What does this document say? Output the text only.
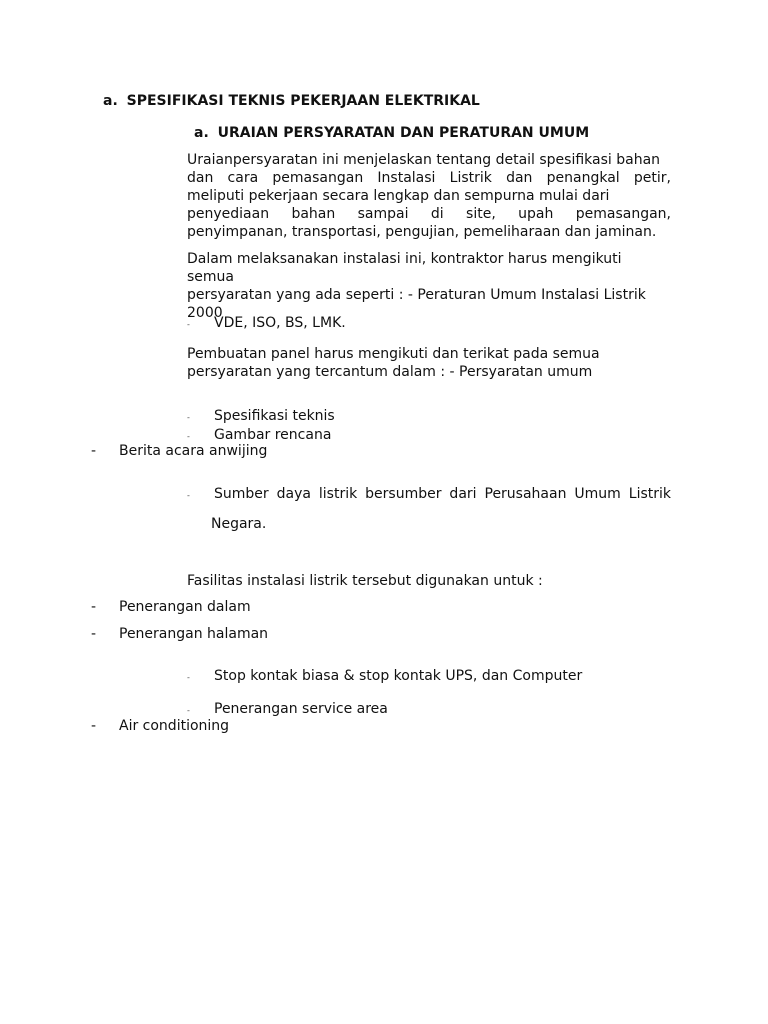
a. SPESIFIKASI TEKNIS PEKERJAAN ELEKTRIKAL
a. URAIAN PERSYARATAN DAN PERATURAN UMUM

Uraianpersyaratan ini menjelaskan tentang detail spesifikasi bahan

dan cara pemasangan Instalasi Listrik dan penangkal petir,

meliputi pekerjaan secara lengkap dan sempurna mulai dari

penyediaan bahan sampai di site, upah pemasangan,

penyimpanan, transportasi, pengujian, pemeliharaan dan jaminan.

Dalam melaksanakan instalasi ini, kontraktor harus mengikuti semua

persyaratan yang ada seperti : - Peraturan Umum Instalasi Listrik

2000

- VDE, ISO, BS, LMK.

Pembuatan panel harus mengikuti dan terikat pada semua

persyaratan yang tercantum dalam : - Persyaratan umum

- Spesifikasi teknis
- Gambar rencana
- Berita acara anwijing
- Sumber daya listrik bersumber dari Perusahaan Umum Listrik
Negara.
Fasilitas instalasi listrik tersebut digunakan untuk :
- Penerangan dalam
- Penerangan halaman
- Stop kontak biasa & stop kontak UPS, dan Computer
- Penerangan service area
- Air conditioning
